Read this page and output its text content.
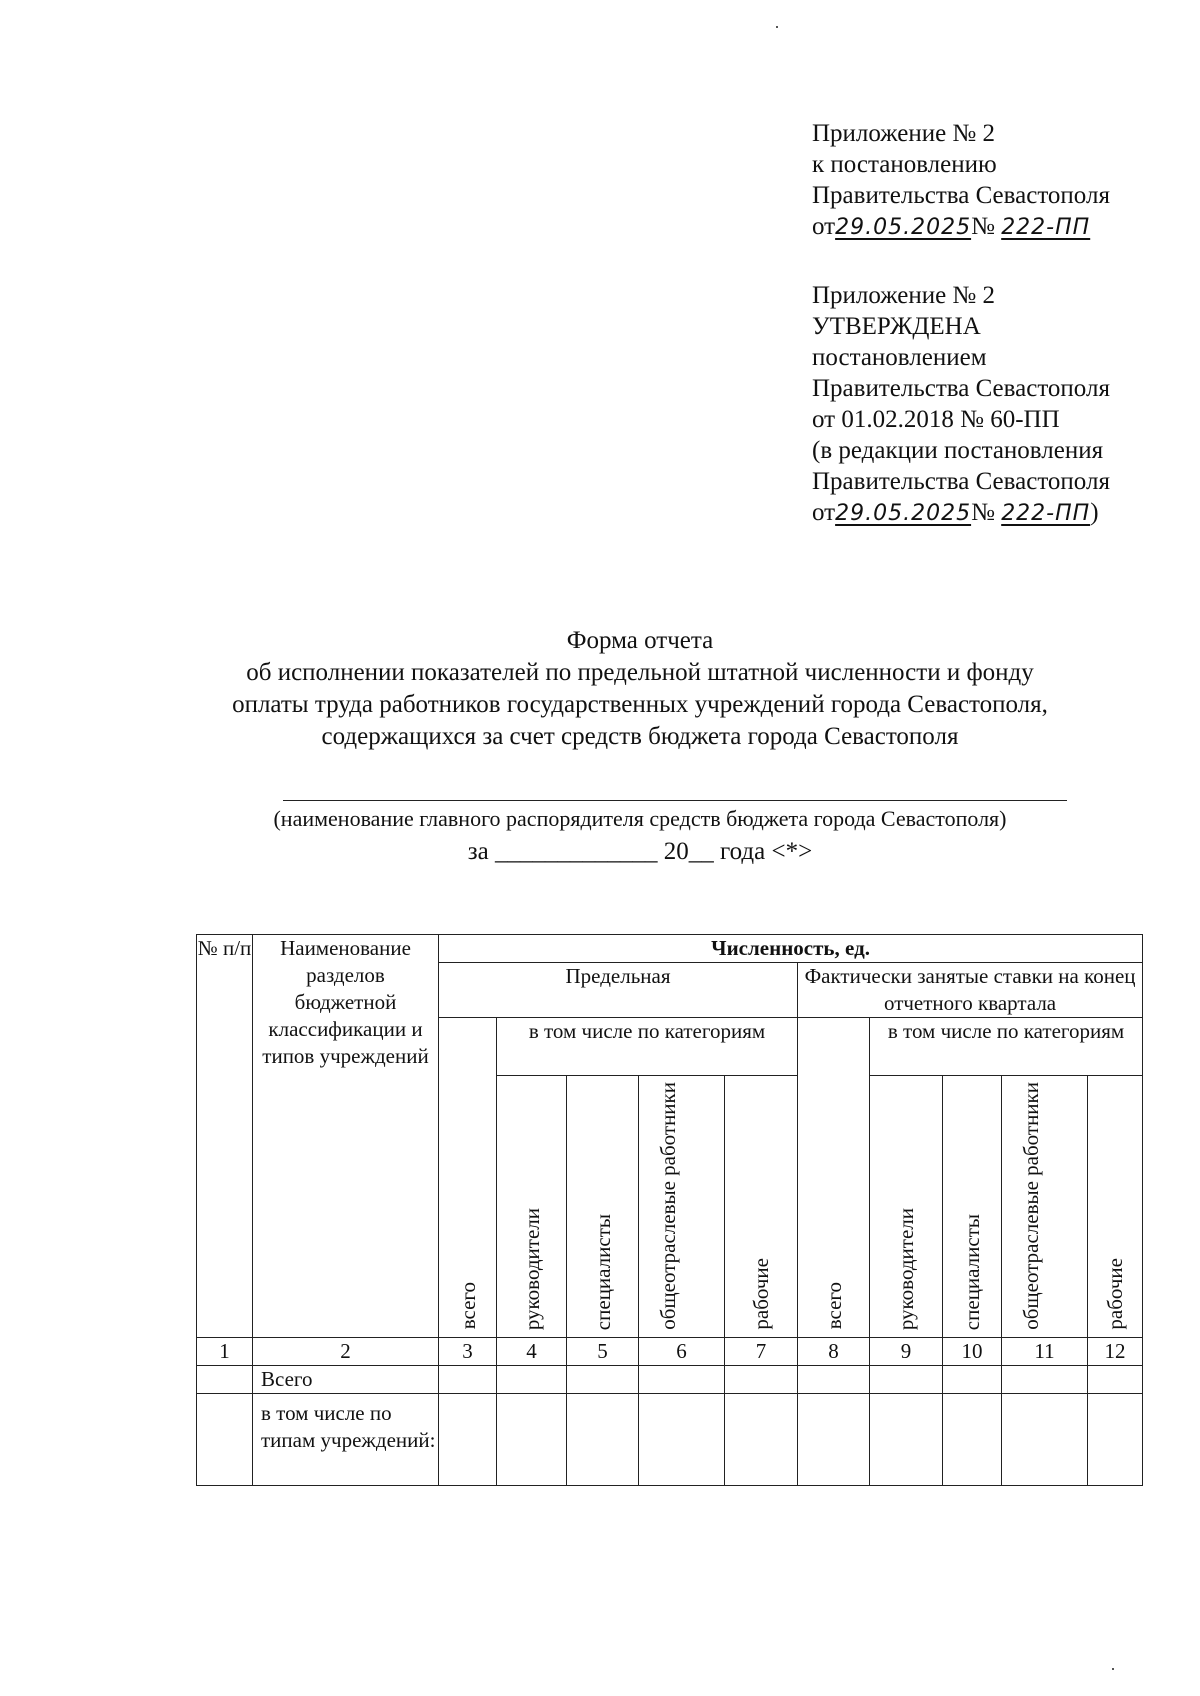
Приложение № 2
к постановлению
Правительства Севастополя
от29.05.2025№ 222-ПП
Приложение № 2
УТВЕРЖДЕНА
постановлением
Правительства Севастополя
от 01.02.2018 № 60-ПП
(в редакции постановления
Правительства Севастополя
от29.05.2025№ 222-ПП)
Форма отчета
об исполнении показателей по предельной штатной численности и фонду
оплаты труда работников государственных учреждений города Севастополя,
содержащихся за счет средств бюджета города Севастополя
(наименование главного распорядителя средств бюджета города Севастополя)
за _____________ 20__ года <*>
№ п/п	Наименование разделов бюджетной классификации и типов учреждений	Численность, ед.									
		Предельная					Фактически занятые ставки на конец отчетного квартала				
		всего	в том числе по категориям				всего	в том числе по категориям			
			руководители	специалисты	общеотраслевые работники	рабочие		руководители	специалисты	общеотраслевые работники	рабочие
1	2	3	4	5	6	7	8	9	10	11	12
	Всего										
	в том числе по типам учреждений:										
